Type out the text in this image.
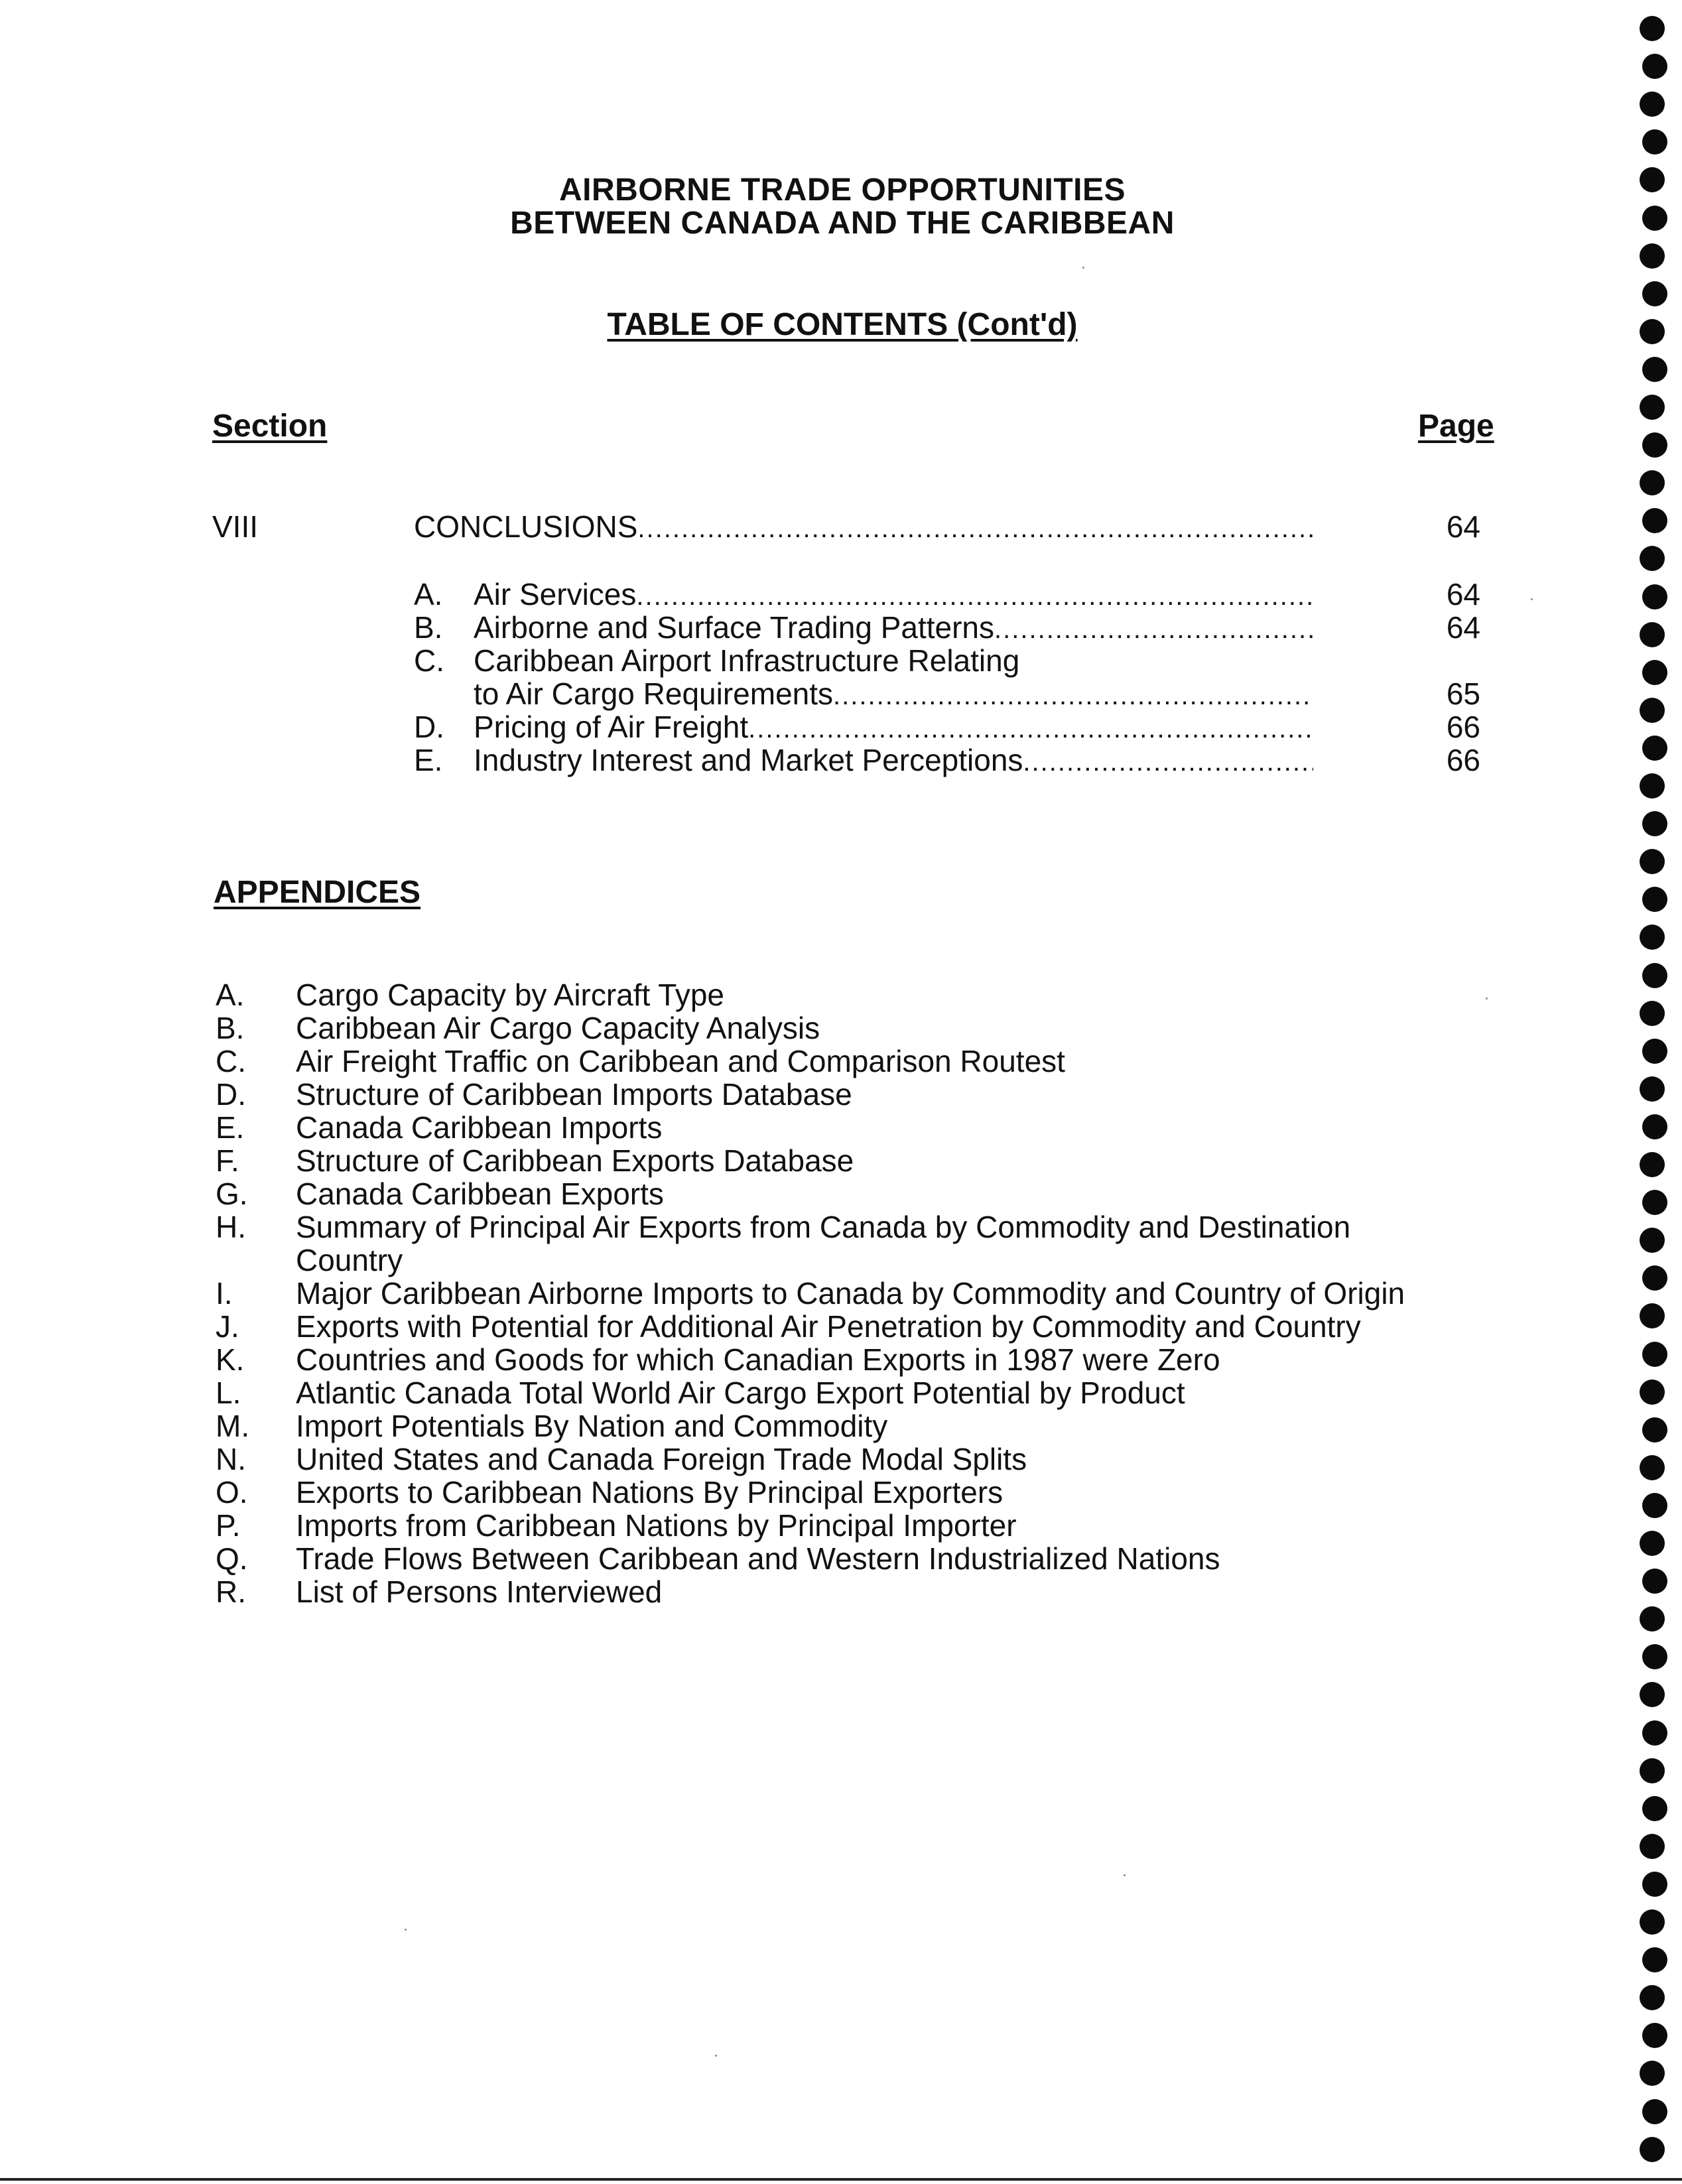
AIRBORNE TRADE OPPORTUNITIES
BETWEEN CANADA AND THE CARIBBEAN
TABLE OF CONTENTS (Cont'd)
Section	Page
VIII	CONCLUSIONS .....	64
A. Air Services .....	64
B. Airborne and Surface Trading Patterns .....	64
C. Caribbean Airport Infrastructure Relating
to Air Cargo Requirements .....	65
D. Pricing of Air Freight .....	66
E. Industry Interest and Market Perceptions .....	66
APPENDICES
A. Cargo Capacity by Aircraft Type
B. Caribbean Air Cargo Capacity Analysis
C. Air Freight Traffic on Caribbean and Comparison Routest
D. Structure of Caribbean Imports Database
E. Canada Caribbean Imports
F. Structure of Caribbean Exports Database
G. Canada Caribbean Exports
H. Summary of Principal Air Exports from Canada by Commodity and Destination
Country
I. Major Caribbean Airborne Imports to Canada by Commodity and Country of Origin
J. Exports with Potential for Additional Air Penetration by Commodity and Country
K. Countries and Goods for which Canadian Exports in 1987 were Zero
L. Atlantic Canada Total World Air Cargo Export Potential by Product
M. Import Potentials By Nation and Commodity
N. United States and Canada Foreign Trade Modal Splits
O. Exports to Caribbean Nations By Principal Exporters
P. Imports from Caribbean Nations by Principal Importer
Q. Trade Flows Between Caribbean and Western Industrialized Nations
R. List of Persons Interviewed
